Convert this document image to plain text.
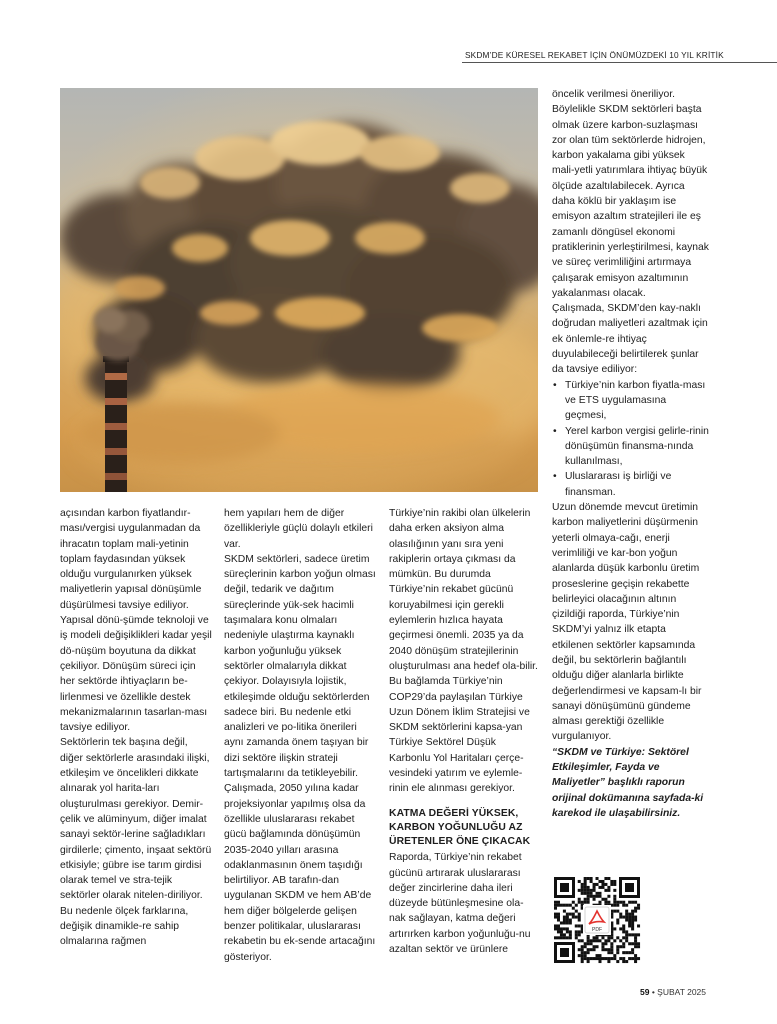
SKDM’DE KÜRESEL REKABET İÇİN ÖNÜMÜZDEKİ 10 YIL KRİTİK

açısından karbon fiyatlandır-ması/vergisi uygulanmadan da ihracatın toplam mali-yetinin toplam faydasından yüksek olduğu vurgulanırken yüksek maliyetlerin yapısal dönüşümle düşürülmesi tavsiye ediliyor. Yapısal dönü-şümde teknoloji ve iş modeli değişiklikleri kadar yeşil dö-nüşüm boyutuna da dikkat çekiliyor. Dönüşüm süreci için her sektörde ihtiyaçların be-lirlenmesi ve özellikle destek mekanizmalarının tasarlan-ması tavsiye ediliyor.

Sektörlerin tek başına değil, diğer sektörlerle arasındaki ilişki, etkileşim ve öncelikleri dikkate alınarak yol harita-ları oluşturulması gerekiyor. Demir-çelik ve alüminyum, diğer imalat sanayi sektör-lerine sağladıkları girdilerle; çimento, inşaat sektörü etkisiyle; gübre ise tarım girdisi olarak temel ve stra-tejik sektörler olarak nitelen-diriliyor. Bu nedenle ölçek farklarına, değişik dinamikle-re sahip olmalarına rağmen

hem yapıları hem de diğer özellikleriyle güçlü dolaylı etkileri var.

SKDM sektörleri, sadece üretim süreçlerinin karbon yoğun olması değil, tedarik ve dağıtım süreçlerinde yük-sek hacimli taşımalara konu olmaları nedeniyle ulaştırma kaynaklı karbon yoğunluğu yüksek sektörler olmalarıyla dikkat çekiyor. Dolayısıyla lojistik, etkileşimde olduğu sektörlerden sadece biri. Bu nedenle etki analizleri ve po-litika önerileri aynı zamanda önem taşıyan bir dizi sektöre ilişkin strateji tartışmalarını da tetikleyebilir.

Çalışmada, 2050 yılına kadar projeksiyonlar yapılmış olsa da özellikle uluslararası rekabet gücü bağlamında dönüşümün 2035-2040 yılları arasına odaklanmasının önem taşıdığı belirtiliyor. AB tarafın-dan uygulanan SKDM ve hem AB’de hem diğer bölgelerde gelişen benzer politikalar, uluslararası rekabetin bu ek-sende artacağını gösteriyor.

Türkiye’nin rakibi olan ülkelerin daha erken aksiyon alma olasılığının yanı sıra yeni rakiplerin ortaya çıkması da mümkün. Bu durumda Türkiye’nin rekabet gücünü koruyabilmesi için gerekli eylemlerin hızlıca hayata geçirmesi önemli. 2035 ya da 2040 dönüşüm stratejilerinin oluşturulması ana hedef ola-bilir. Bu bağlamda Türkiye’nin COP29’da paylaşılan Türkiye Uzun Dönem İklim Stratejisi ve SKDM sektörlerini kapsa-yan Türkiye Sektörel Düşük Karbonlu Yol Haritaları çerçe-vesindeki yatırım ve eylemle-rinin ele alınması gerekiyor.

KATMA DEĞERİ YÜKSEK, KARBON YOĞUNLUĞU AZ ÜRETENLER ÖNE ÇIKACAK

Raporda, Türkiye’nin rekabet gücünü artırarak uluslararası değer zincirlerine daha ileri düzeyde bütünleşmesine ola-nak sağlayan, katma değeri artırırken karbon yoğunluğu-nu azaltan sektör ve ürünlere

öncelik verilmesi öneriliyor. Böylelikle SKDM sektörleri başta olmak üzere karbon-suzlaşması zor olan tüm sektörlerde hidrojen, karbon yakalama gibi yüksek mali-yetli yatırımlara ihtiyaç büyük ölçüde azaltılabilecek. Ayrıca daha köklü bir yaklaşım ise emisyon azaltım stratejileri ile eş zamanlı döngüsel ekonomi pratiklerinin yerleştirilmesi, kaynak ve süreç verimliliğini artırmaya çalışarak emisyon azaltımının yakalanması olacak.

Çalışmada, SKDM’den kay-naklı doğrudan maliyetleri azaltmak için ek önlemle-re ihtiyaç duyulabileceği belirtilerek şunlar da tavsiye ediliyor:

• Türkiye’nin karbon fiyatla-ması ve ETS uygulamasına geçmesi,
• Yerel karbon vergisi gelirle-rinin dönüşümün finansma-nında kullanılması,
• Uluslararası iş birliği ve finansman.

Uzun dönemde mevcut üretimin karbon maliyetlerini düşürmenin yeterli olmaya-cağı, enerji verimliliği ve kar-bon yoğun alanlarda düşük karbonlu üretim proseslerine geçişin rekabette belirleyici olacağının altının çizildiği raporda, Türkiye’nin SKDM’yi yalnız ilk etapta etkilenen sektörler kapsamında değil, bu sektörlerin bağlantılı olduğu diğer alanlarla birlikte değerlendirmesi ve kapsam-lı bir sanayi dönüşümünü gündeme alması gerektiği özellikle vurgulanıyor.

“SKDM ve Türkiye: Sektörel Etkileşimler, Fayda ve Maliyetler” başlıklı raporun orijinal dokümanına sayfada-ki karekod ile ulaşabilirsiniz.

PDF
59 • ŞUBAT 2025
